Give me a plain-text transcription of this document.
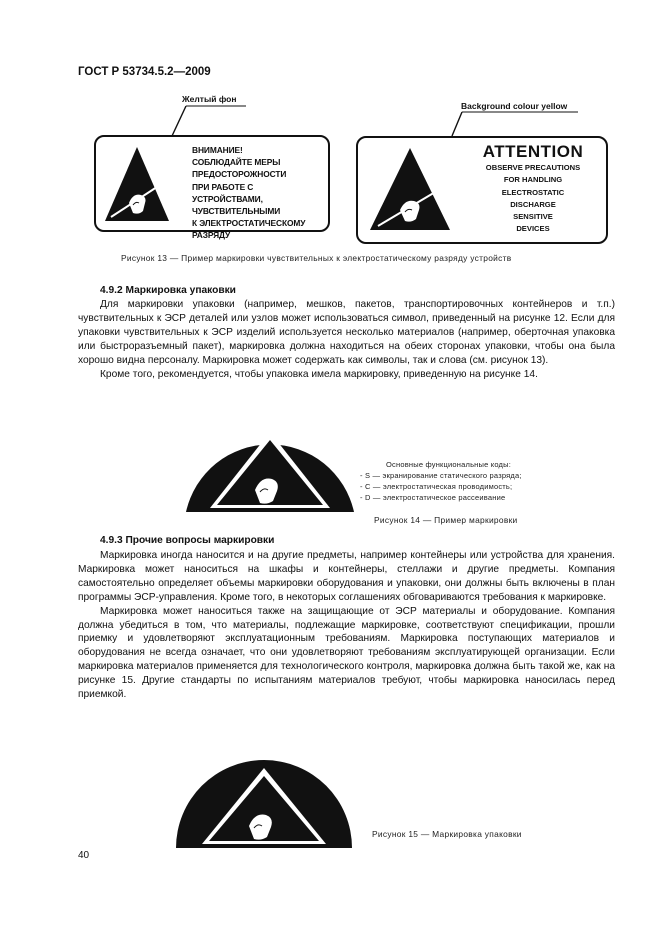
ГОСТ Р 53734.5.2—2009
Желтый фон
ВНИМАНИЕ!
СОБЛЮДАЙТЕ МЕРЫ
ПРЕДОСТОРОЖНОСТИ
ПРИ РАБОТЕ С
УСТРОЙСТВАМИ,
ЧУВСТВИТЕЛЬНЫМИ
К ЭЛЕКТРОСТАТИЧЕСКОМУ
РАЗРЯДУ
Background colour yellow
ATTENTION
OBSERVE PRECAUTIONS
FOR HANDLING
ELECTROSTATIC
DISCHARGE
SENSITIVE
DEVICES
Рисунок 13 — Пример маркировки чувствительных к электростатическому разряду устройств
4.9.2 Маркировка упаковки

Для маркировки упаковки (например, мешков, пакетов, транспортировочных контейнеров и т.п.) чувствительных к ЭСР деталей или узлов может использоваться символ, приведенный на рисунке 12. Если для упаковки чувствительных к ЭСР изделий используется несколько материалов (например, оберточная упаковка или быстроразъемный пакет), маркировка должна находиться на обеих сторонах упаковки, чтобы она была хорошо видна персоналу. Маркировка может содержать как символы, так и слова (см. рисунок 13).

Кроме того, рекомендуется, чтобы упаковка имела маркировку, приведенную на рисунке 14.

Основные функциональные коды:
- S — экранирование статического разряда;
- C — электростатическая проводимость;
- D — электростатическое рассеивание
Рисунок 14 — Пример маркировки
4.9.3 Прочие вопросы маркировки

Маркировка иногда наносится и на другие предметы, например контейнеры или устройства для хранения. Маркировка может наноситься на шкафы и контейнеры, стеллажи и другие предметы. Компания самостоятельно определяет объемы маркировки оборудования и упаковки, они должны быть включены в план программы ЭСР-управления. Кроме того, в некоторых соглашениях обговариваются требования к маркировке.

Маркировка может наноситься также на защищающие от ЭСР материалы и оборудование. Компания должна убедиться в том, что материалы, подлежащие маркировке, соответствуют спецификации, прошли приемку и удовлетворяют эксплуатационным требованиям. Маркировка поступающих материалов и оборудования не всегда означает, что они удовлетворяют требованиям эксплуатирующей организации. Если маркировка материалов применяется для технологического контроля, маркировка должна быть такой же, как на рисунке 15. Другие стандарты по испытаниям материалов требуют, чтобы маркировка наносилась перед приемкой.

Рисунок 15 — Маркировка упаковки
40
